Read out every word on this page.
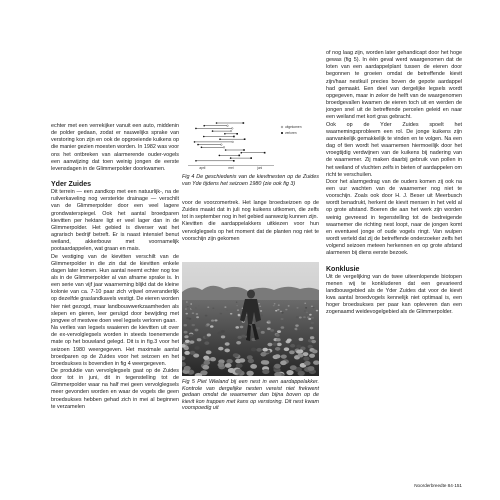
echter met een verrekijker vanuit een auto, middenin de polder gedaan, zodat er nauwelijks sprake van verstoring kon zijn en ook de opgroeiende kuikens op die manier gezien moesten worden. In 1982 was voor ons het ontbreken van alarmerende ouder-vogels een aanwijzing dat toen weinig jongen de eerste levensdagen in de Glimmerpolder doorkwamen.

Yder Zuides

Dit terrein — een zandkop met een natuurlijk-, na de ruilverkaveling nog versterkte drainage — verschilt van de Glimmerpolder door een veel lagere grondwaterspiegel. Ook het aantal broedparen kievitten per hektare ligt er veel lager dan in de Glimmerpolder. Het gebied is diverser wat het agrarisch bedrijf betreft. Er is naast intensief benut weiland, akkerbouw met voornamelijk pootaardappelen, wat graan en mais.

De vestiging van de kievitten verschilt van de Glimmerpolder in die zin dat de kievitten enkele dagen later komen. Hun aantal neemt echter nog toe als in de Glimmerpolder al van afname sprake is. In een serie van vijf jaar waarneming blijkt dat de kleine kolonie van ca. 7-10 paar zich vrijwel onveranderlijk op dezelfde graslandkavels vestigt. De eieren worden hier niet gezogd, maar landbouwwerkzaamheden als slepen en gieren, leer geruïgd door bewijding met jongvee of mestvee doen veel legsels verloren gaan.

Na verlies van legsels waaieren de kievitten uit over de ex-vervolglegsels worden in steeds toenemende mate op het bouwland gelegd. Dit is in fig.3 voor het seizoen 1980 weergegeven. Het maximale aantal broedparen op de Zuides voor het seizoen en het broedsukses is bovendien in fig 4 weergegeven.

De produktie van vervolglegsels gaat op de Zuides door tot in juni, dit in tegenstelling tot de Glimmerpolder waar na half mei geen vervolglegsels meer gevonden worden en waar de vogels die geen broedsukses hebben gehad zich in mei al beginnen te verzamelen

april	mei	juni
uitgekomen
verloren
Fig 4 De geschiedenis van de kievitnesten op de Zuides van Yde tijdens het seizoen 1980 (zie ook fig 3)

voor de voorzomertrek. Het lange broedseizoen op de Zuides maakt dat in juli nog kuikens uitkomen, die zelfs tot in september nog in het gebied aanwezig kunnen zijn.

Kievitten die aardappelakkers uitkiezen voor hun vervolglegsels op het moment dat de planten nog niet te voorschijn zijn gekomen

Fig 5 Piet Wieland bij een nest in een aardappelakker. Kontrole van dergelijke nesten vereist niet frekwent gedaan omdat de waarnemer dan bijna boven op de kievit kon trappen met kans op verstoring. Dit nest kwam voorspoedig uit

of nog laag zijn, worden later gehandicapt door het hoge gewas (fig 5). In één geval werd waargenomen dat de loten van een aardappelplant tussen de eieren door begonnen te groeien omdat de betreffende kievit zijn/haar nestkuil precies boven de gepote aardappel had gemaakt. Een deel van dergelijke legsels wordt opgegeven, maar in zeker de helft van de waargenomen broedgevallen kwamen de eieren toch uit en werden de jongen snel uit de betreffende percelen geleid en naar een weiland met kort gras gebracht.

Ook op de Yder Zuides spoelt het waarnemingsprobleem een rol. De jonge kuikens zijn aanvankelijk gemakkelijk te vinden en te volgen. Na een dag of tien wordt het waarnemen hiermoeilijk door het vroegtijdig verdwijnen van de kuikens bij nadering van de waarnemer. Zij maken daarbij gebruik van pollen in het weiland of vluchten zelfs in bieten of aardappelen om richt te verschuilen.

Door het alarmgedrag van de ouders komen zij ook na een uur wachten van de waarnemer nog niet te voorschijn. Zoals ook door H. J. Beser uit Meerbusch wordt benadrukt, herkent de kievit mensen in het veld al op grote afstand. Boeren die aan het werk zijn worden weinig gevreesd in tegenstelling tot de bedreigende waarnemer die richting nest loopt, naar de jongen komt en eventueel jonge of oude vogels ringt. Van wulpen wordt verteld dat zij de betreffende onderzoeker zelfs het volgend seizoen meteen herkennen en op grote afstand alarmeren bij diens eerste bezoek.

Konklusie

Uit de vergelijking van de twee uiteenlopende biotopen menen wij te konkluderen dat een gevarieerd landbouwgebied als de Yder Zuides dat voor de kievit kwa aantal broedvogels kennelijk niet optimaal is, een hoger broedsukses per paar kan opleveren dan een zogenaamd weidevogelgebied als de Glimmerpolder.

Noorderbreedte 84·151
